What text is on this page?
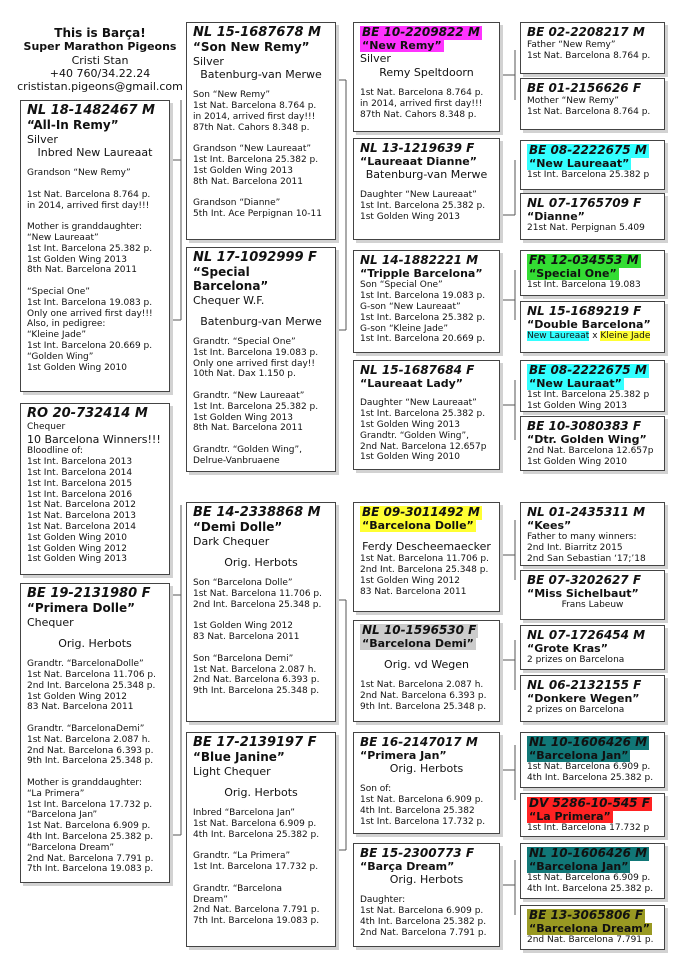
This is Barça!
Super Marathon Pigeons
Cristi Stan
+40 760/34.22.24
crististan.pigeons@gmail.com
NL 18-1482467 M
“All-In Remy”
Silver
Inbred New Laureaat
Grandson “New Remy”

1st Nat. Barcelona 8.764 p.
in 2014, arrived first day!!!

Mother is granddaughter:
“New Laureaat”
1st Int. Barcelona 25.382 p.
1st Golden Wing 2013
8th Nat. Barcelona 2011

“Special One”
1st Int. Barcelona 19.083 p.
Only one arrived first day!!!
Also, in pedigree:
“Kleine Jade”
1st Int. Barcelona 20.669 p.
“Golden Wing”
1st Golden Wing 2010
RO 20-732414 M
Chequer
10 Barcelona Winners!!!
Bloodline of:
1st Int. Barcelona 2013
1st Int. Barcelona 2014
1st Int. Barcelona 2015
1st Int. Barcelona 2016
1st Nat. Barcelona 2012
1st Nat. Barcelona 2013
1st Nat. Barcelona 2014
1st Golden Wing 2010
1st Golden Wing 2012
1st Golden Wing 2013
BE 19-2131980 F
“Primera Dolle”
Chequer
Orig. Herbots
Grandtr. “BarcelonaDolle”
1st Nat. Barcelona 11.706 p.
2nd Int. Barcelona 25.348 p.
1st Golden Wing 2012
83 Nat. Barcelona 2011

Grandtr. “BarcelonaDemi”
1st Nat. Barcelona 2.087 h.
2nd Nat. Barcelona 6.393 p.
9th Int. Barcelona 25.348 p.

Mother is granddaughter:
“La Primera”
1st Int. Barcelona 17.732 p.
“Barcelona Jan”
1st Nat. Barcelona 6.909 p.
4th Int. Barcelona 25.382 p.
“Barcelona Dream”
2nd Nat. Barcelona 7.791 p.
7th Int. Barcelona 19.083 p.
NL 15-1687678 M
“Son New Remy”
Silver
Batenburg-van Merwe
Son “New Remy”
1st Nat. Barcelona 8.764 p.
in 2014, arrived first day!!!
87th Nat. Cahors 8.348 p.

Grandson “New Laureaat”
1st Int. Barcelona 25.382 p.
1st Golden Wing 2013
8th Nat. Barcelona 2011

Grandson “Dianne”
5th Int. Ace Perpignan 10-11
NL 17-1092999 F
“Special Barcelona”
Chequer W.F.
Batenburg-van Merwe
Grandtr. “Special One”
1st Int. Barcelona 19.083 p.
Only one arrived first day!!
10th Nat. Dax 1.150 p.

Grandtr. “New Laureaat”
1st Int. Barcelona 25.382 p.
1st Golden Wing 2013
8th Nat. Barcelona 2011

Grandtr. “Golden Wing”,
Delrue-Vanbruaene
BE 14-2338868 M
“Demi Dolle”
Dark Chequer
Orig. Herbots
Son “Barcelona Dolle”
1st Nat. Barcelona 11.706 p.
2nd Int. Barcelona 25.348 p.

1st Golden Wing 2012
83 Nat. Barcelona 2011

Son “Barcelona Demi”
1st Nat. Barcelona 2.087 h.
2nd Nat. Barcelona 6.393 p.
9th Int. Barcelona 25.348 p.
BE 17-2139197 F
“Blue Janine”
Light Chequer
Orig. Herbots
Inbred “Barcelona Jan”
1st Nat. Barcelona 6.909 p.
4th Int. Barcelona 25.382 p.

Grandtr. “La Primera”
1st Int. Barcelona 17.732 p.

Grandtr. “Barcelona
Dream”
2nd Nat. Barcelona 7.791 p.
7th Int. Barcelona 19.083 p.
BE 10-2209822 M
“New Remy”
Silver
Remy Speltdoorn
1st Nat. Barcelona 8.764 p.
in 2014, arrived first day!!!
87th Nat. Cahors 8.348 p.
NL 13-1219639 F
“Laureaat Dianne”
Batenburg-van Merwe
Daughter “New Laureaat”
1st Int. Barcelona 25.382 p.
1st Golden Wing 2013
NL 14-1882221 M
“Tripple Barcelona”
Son “Special One”
1st Int. Barcelona 19.083 p.
G-son “New Laureaat”
1st Int. Barcelona 25.382 p.
G-son “Kleine Jade”
1st Int. Barcelona 20.669 p.
NL 15-1687684 F
“Laureaat Lady”
Daughter “New Laureaat”
1st Int. Barcelona 25.382 p.
1st Golden Wing 2013
Grandtr. “Golden Wing”,
2nd Nat. Barcelona 12.657p
1st Golden Wing 2010
BE 09-3011492 M
“Barcelona Dolle”
Ferdy Descheemaecker
1st Nat. Barcelona 11.706 p.
2nd Int. Barcelona 25.348 p.
1st Golden Wing 2012
83 Nat. Barcelona 2011
NL 10-1596530 F
“Barcelona Demi”
Orig. vd Wegen
1st Nat. Barcelona 2.087 h.
2nd Nat. Barcelona 6.393 p.
9th Int. Barcelona 25.348 p.
BE 16-2147017 M
“Primera Jan”
Orig. Herbots
Son of:
1st Nat. Barcelona 6.909 p.
4th Int. Barcelona 25.382
1st Int. Barcelona 17.732 p.
BE 15-2300773 F
“Barça Dream”
Orig. Herbots
Daughter:
1st Nat. Barcelona 6.909 p.
4th Int. Barcelona 25.382 p.
2nd Nat. Barcelona 7.791 p.
BE 02-2208217 M
Father “New Remy”
1st Nat. Barcelona 8.764 p.
BE 01-2156626 F
Mother “New Remy”
1st Nat. Barcelona 8.764 p.
BE 08-2222675 M
“New Laureaat”
1st Int. Barcelona 25.382 p
NL 07-1765709 F
“Dianne”
21st Nat. Perpignan 5.409
FR 12-034553 M
“Special One”
1st Int. Barcelona 19.083
NL 15-1689219 F
“Double Barcelona”
New Laureaat x Kleine Jade
BE 08-2222675 M
“New Lauraat”
1st Int. Barcelona 25.382 p
1st Golden Wing 2013
BE 10-3080383 F
“Dtr. Golden Wing”
2nd Nat. Barcelona 12.657p
1st Golden Wing 2010
NL 01-2435311 M
“Kees”
Father to many winners:
2nd Int. Biarritz 2015
2nd San Sebastian ‘17;’18
BE 07-3202627 F
“Miss Sichelbaut”
Frans Labeuw
NL 07-1726454 M
“Grote Kras”
2 prizes on Barcelona
NL 06-2132155 F
“Donkere Wegen”
2 prizes on Barcelona
NL 10-1606426 M
“Barcelona Jan”
1st Nat. Barcelona 6.909 p.
4th Int. Barcelona 25.382 p.
DV 5286-10-545 F
“La Primera”
1st Int. Barcelona 17.732 p
NL 10-1606426 M
“Barcelona Jan”
1st Nat. Barcelona 6.909 p.
4th Int. Barcelona 25.382 p.
BE 13-3065806 F
“Barcelona Dream”
2nd Nat. Barcelona 7.791 p.
